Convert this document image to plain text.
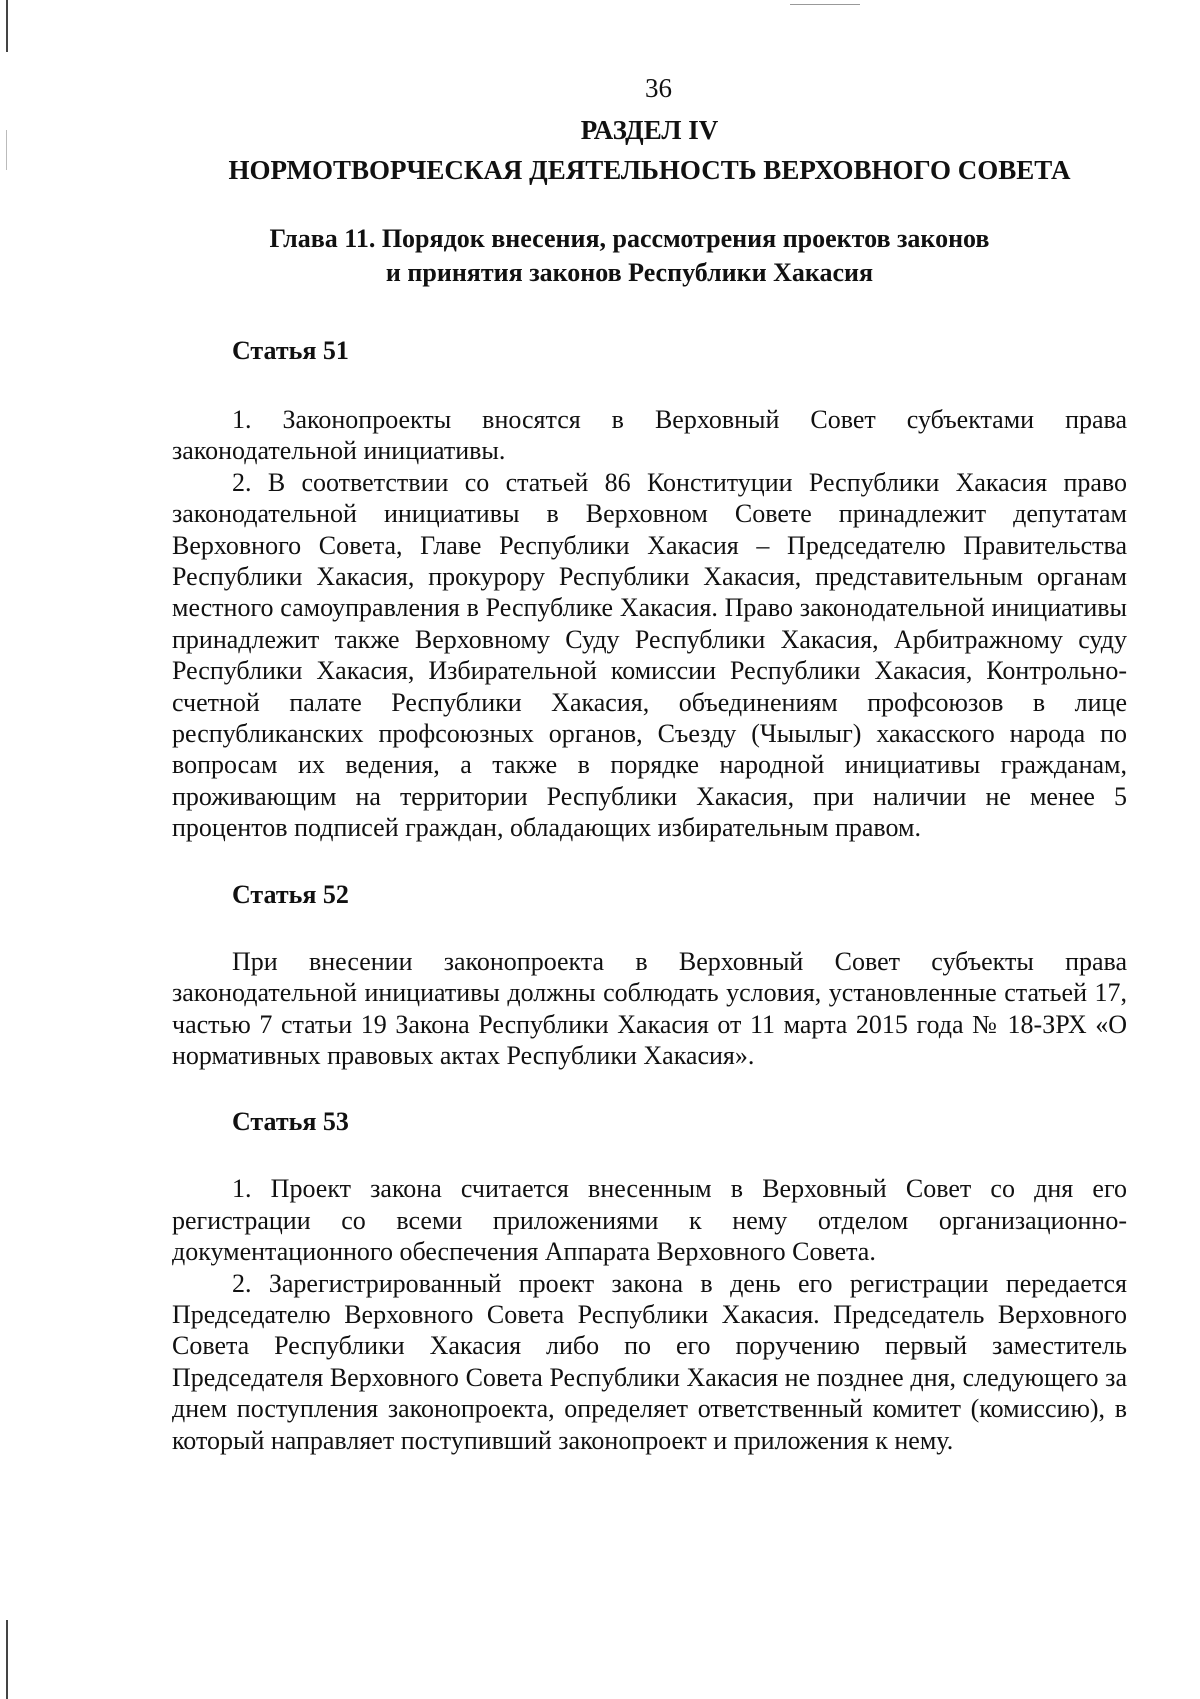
36
РАЗДЕЛ IV
НОРМОТВОРЧЕСКАЯ ДЕЯТЕЛЬНОСТЬ ВЕРХОВНОГО СОВЕТА
Глава 11. Порядок внесения, рассмотрения проектов законов
и принятия законов Республики Хакасия
Статья 51

1. Законопроекты вносятся в Верховный Совет субъектами права законодательной инициативы.

2. В соответствии со статьей 86 Конституции Республики Хакасия право законодательной инициативы в Верховном Совете принадлежит депутатам Верховного Совета, Главе Республики Хакасия – Председателю Правительства Республики Хакасия, прокурору Республики Хакасия, представительным органам местного самоуправления в Республике Хакасия. Право законодательной инициативы принадлежит также Верховному Суду Республики Хакасия, Арбитражному суду Республики Хакасия, Избирательной комиссии Республики Хакасия, Контрольно-счетной палате Республики Хакасия, объединениям профсоюзов в лице республиканских профсоюзных органов, Съезду (Чыылыг) хакасского народа по вопросам их ведения, а также в порядке народной инициативы гражданам, проживающим на территории Республики Хакасия, при наличии не менее 5 процентов подписей граждан, обладающих избирательным правом.

Статья 52

При внесении законопроекта в Верховный Совет субъекты права законодательной инициативы должны соблюдать условия, установленные статьей 17, частью 7 статьи 19 Закона Республики Хакасия от 11 марта 2015 года № 18-ЗРХ «О нормативных правовых актах Республики Хакасия».

Статья 53

1. Проект закона считается внесенным в Верховный Совет со дня его регистрации со всеми приложениями к нему отделом организационно-документационного обеспечения Аппарата Верховного Совета.

2. Зарегистрированный проект закона в день его регистрации передается Председателю Верховного Совета Республики Хакасия. Председатель Верховного Совета Республики Хакасия либо по его поручению первый заместитель Председателя Верховного Совета Республики Хакасия не позднее дня, следующего за днем поступления законопроекта, определяет ответственный комитет (комиссию), в который направляет поступивший законопроект и приложения к нему.
